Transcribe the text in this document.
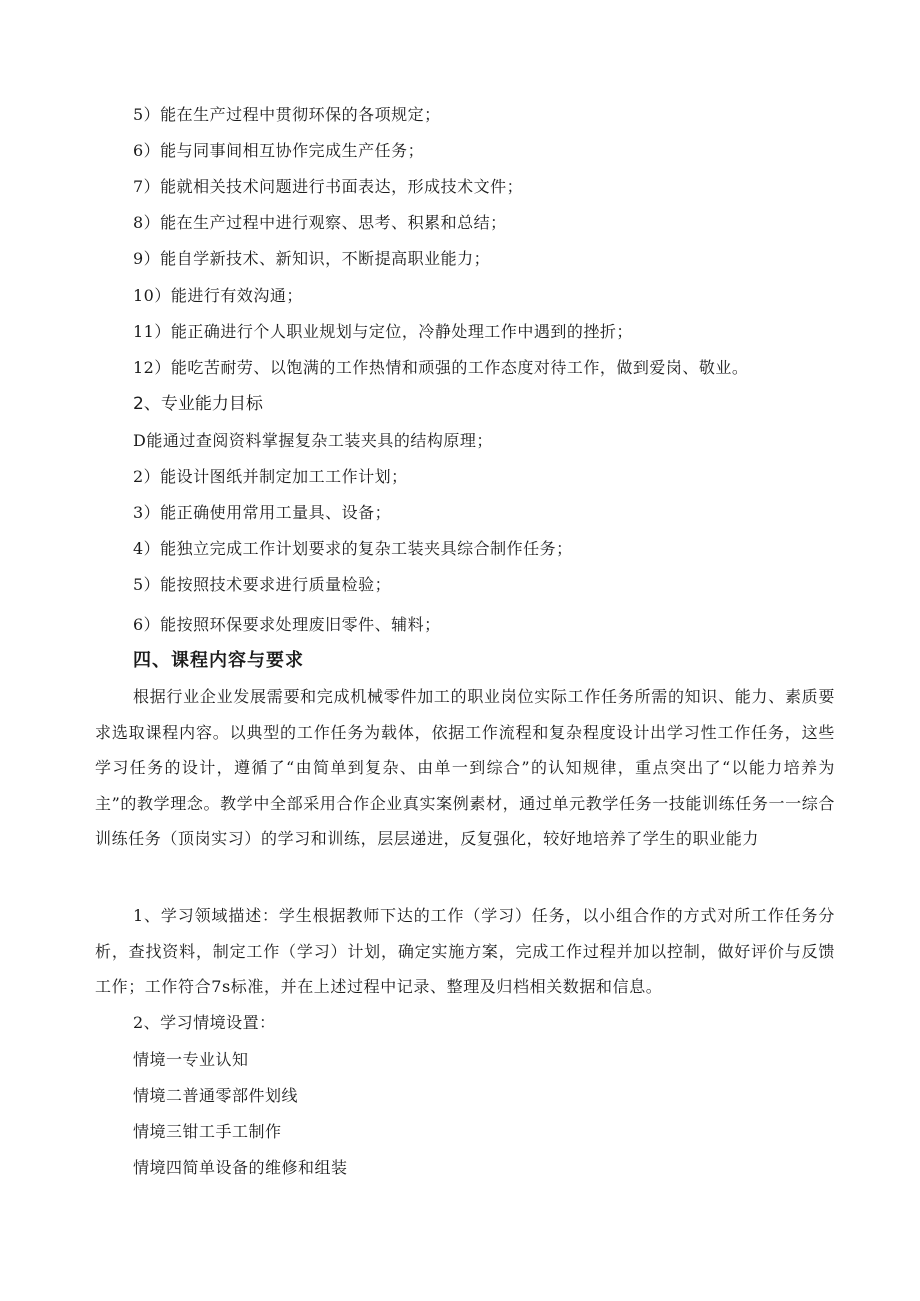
5）能在生产过程中贯彻环保的各项规定；
6）能与同事间相互协作完成生产任务；
7）能就相关技术问题进行书面表达，形成技术文件；
8）能在生产过程中进行观察、思考、积累和总结；
9）能自学新技术、新知识，不断提高职业能力；
10）能进行有效沟通；
11）能正确进行个人职业规划与定位，冷静处理工作中遇到的挫折；
12）能吃苦耐劳、以饱满的工作热情和顽强的工作态度对待工作，做到爱岗、敬业。
2、专业能力目标
D能通过查阅资料掌握复杂工装夹具的结构原理；
2）能设计图纸并制定加工工作计划；
3）能正确使用常用工量具、设备；
4）能独立完成工作计划要求的复杂工装夹具综合制作任务；
5）能按照技术要求进行质量检验；
6）能按照环保要求处理废旧零件、辅料；
四、课程内容与要求
根据行业企业发展需要和完成机械零件加工的职业岗位实际工作任务所需的知识、能力、素质要求选取课程内容。以典型的工作任务为载体，依据工作流程和复杂程度设计出学习性工作任务，这些学习任务的设计，遵循了“由简单到复杂、由单一到综合”的认知规律，重点突出了“以能力培养为主”的教学理念。教学中全部采用合作企业真实案例素材，通过单元教学任务一技能训练任务一一综合训练任务（顶岗实习）的学习和训练，层层递进，反复强化，较好地培养了学生的职业能力
1、学习领域描述：学生根据教师下达的工作（学习）任务，以小组合作的方式对所工作任务分析，查找资料，制定工作（学习）计划，确定实施方案，完成工作过程并加以控制，做好评价与反馈工作；工作符合7s标准，并在上述过程中记录、整理及归档相关数据和信息。
2、学习情境设置：
情境一专业认知
情境二普通零部件划线
情境三钳工手工制作
情境四简单设备的维修和组装
